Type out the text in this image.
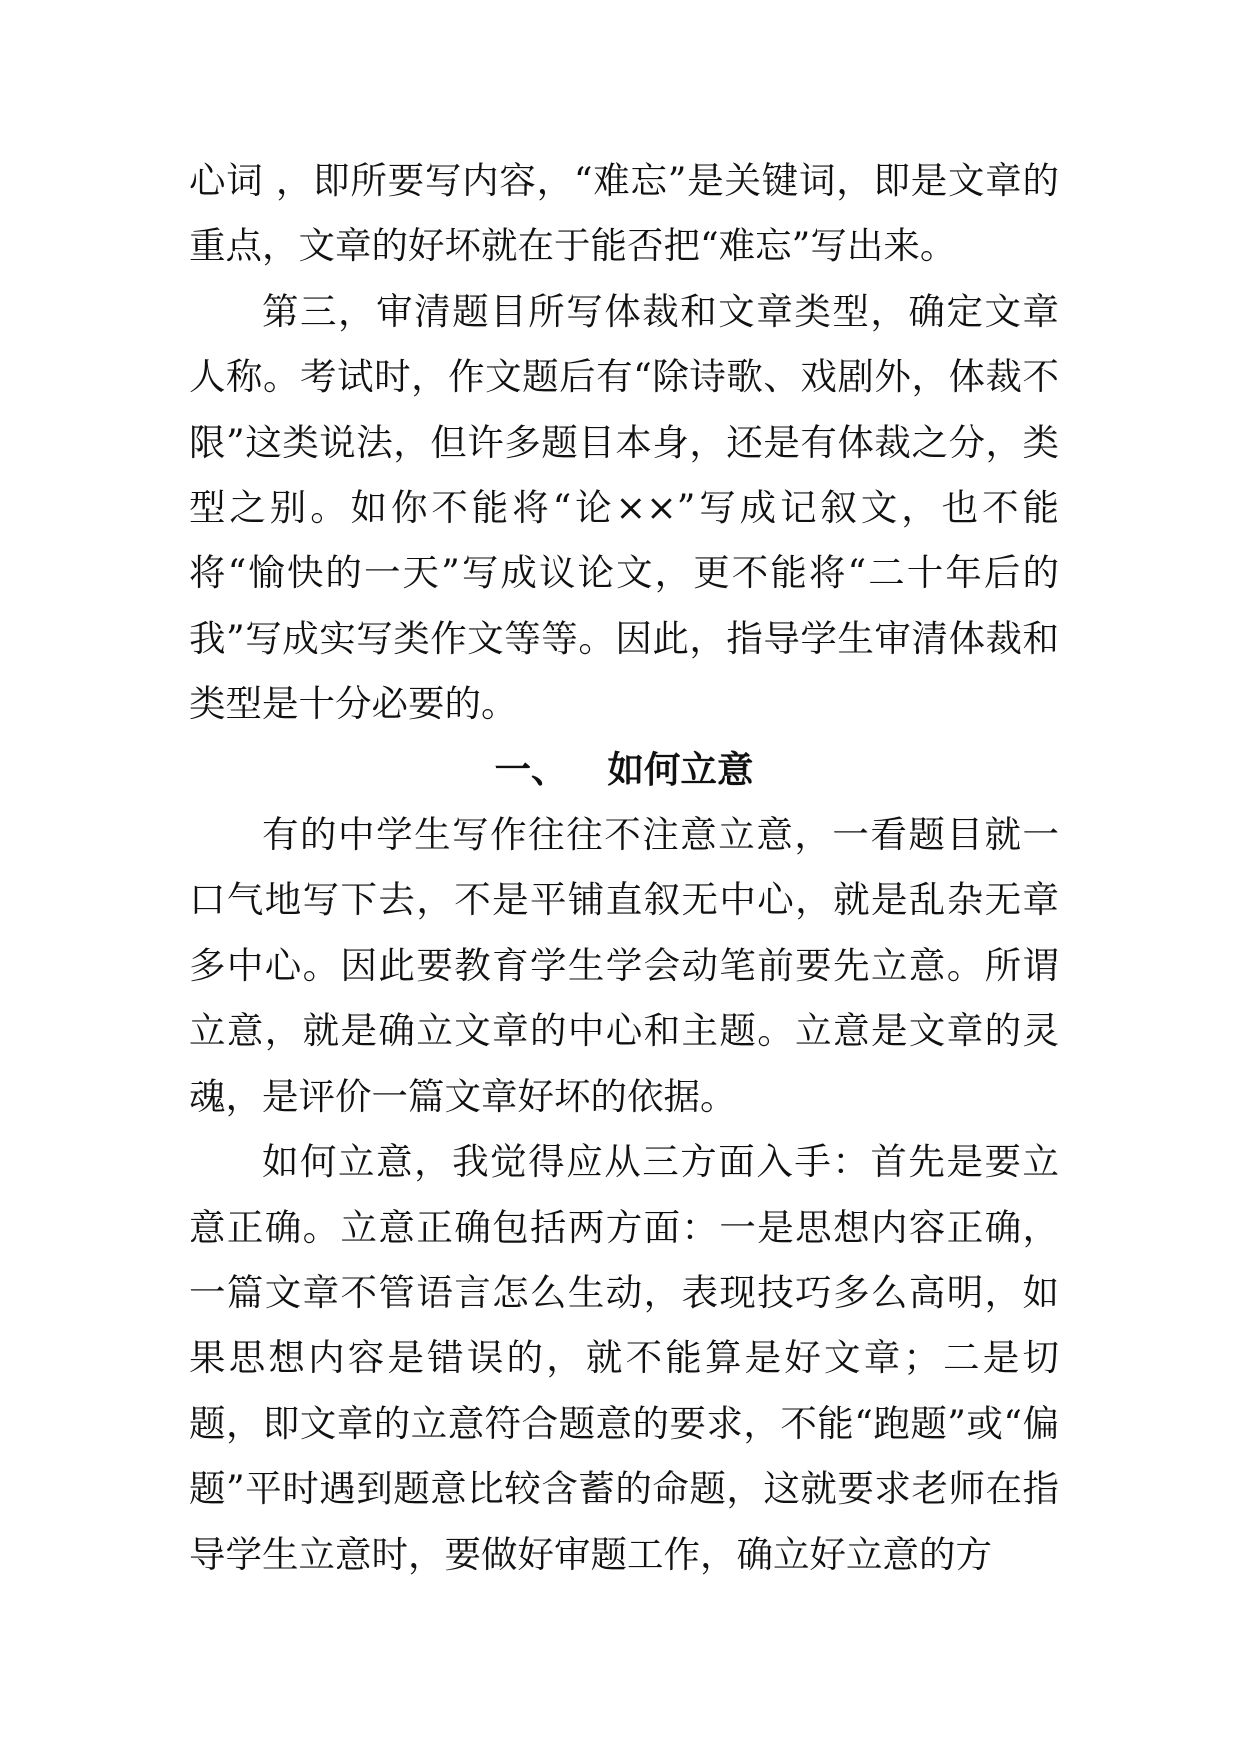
心词 ，即所要写内容，“难忘”是关键词，即是文章的重点，文章的好坏就在于能否把“难忘”写出来。

第三，审清题目所写体裁和文章类型，确定文章人称。考试时，作文题后有“除诗歌、戏剧外，体裁不限”这类说法，但许多题目本身，还是有体裁之分，类型之别。如你不能将“论××”写成记叙文，也不能将“愉快的一天”写成议论文，更不能将“二十年后的我”写成实写类作文等等。因此，指导学生审清体裁和类型是十分必要的。

一、 如何立意

有的中学生写作往往不注意立意，一看题目就一口气地写下去，不是平铺直叙无中心，就是乱杂无章多中心。因此要教育学生学会动笔前要先立意。所谓立意，就是确立文章的中心和主题。立意是文章的灵魂，是评价一篇文章好坏的依据。

如何立意，我觉得应从三方面入手：首先是要立意正确。立意正确包括两方面：一是思想内容正确，一篇文章不管语言怎么生动，表现技巧多么高明，如果思想内容是错误的，就不能算是好文章；二是切题，即文章的立意符合题意的要求，不能“跑题”或“偏题”平时遇到题意比较含蓄的命题，这就要求老师在指导学生立意时，要做好审题工作，确立好立意的方
